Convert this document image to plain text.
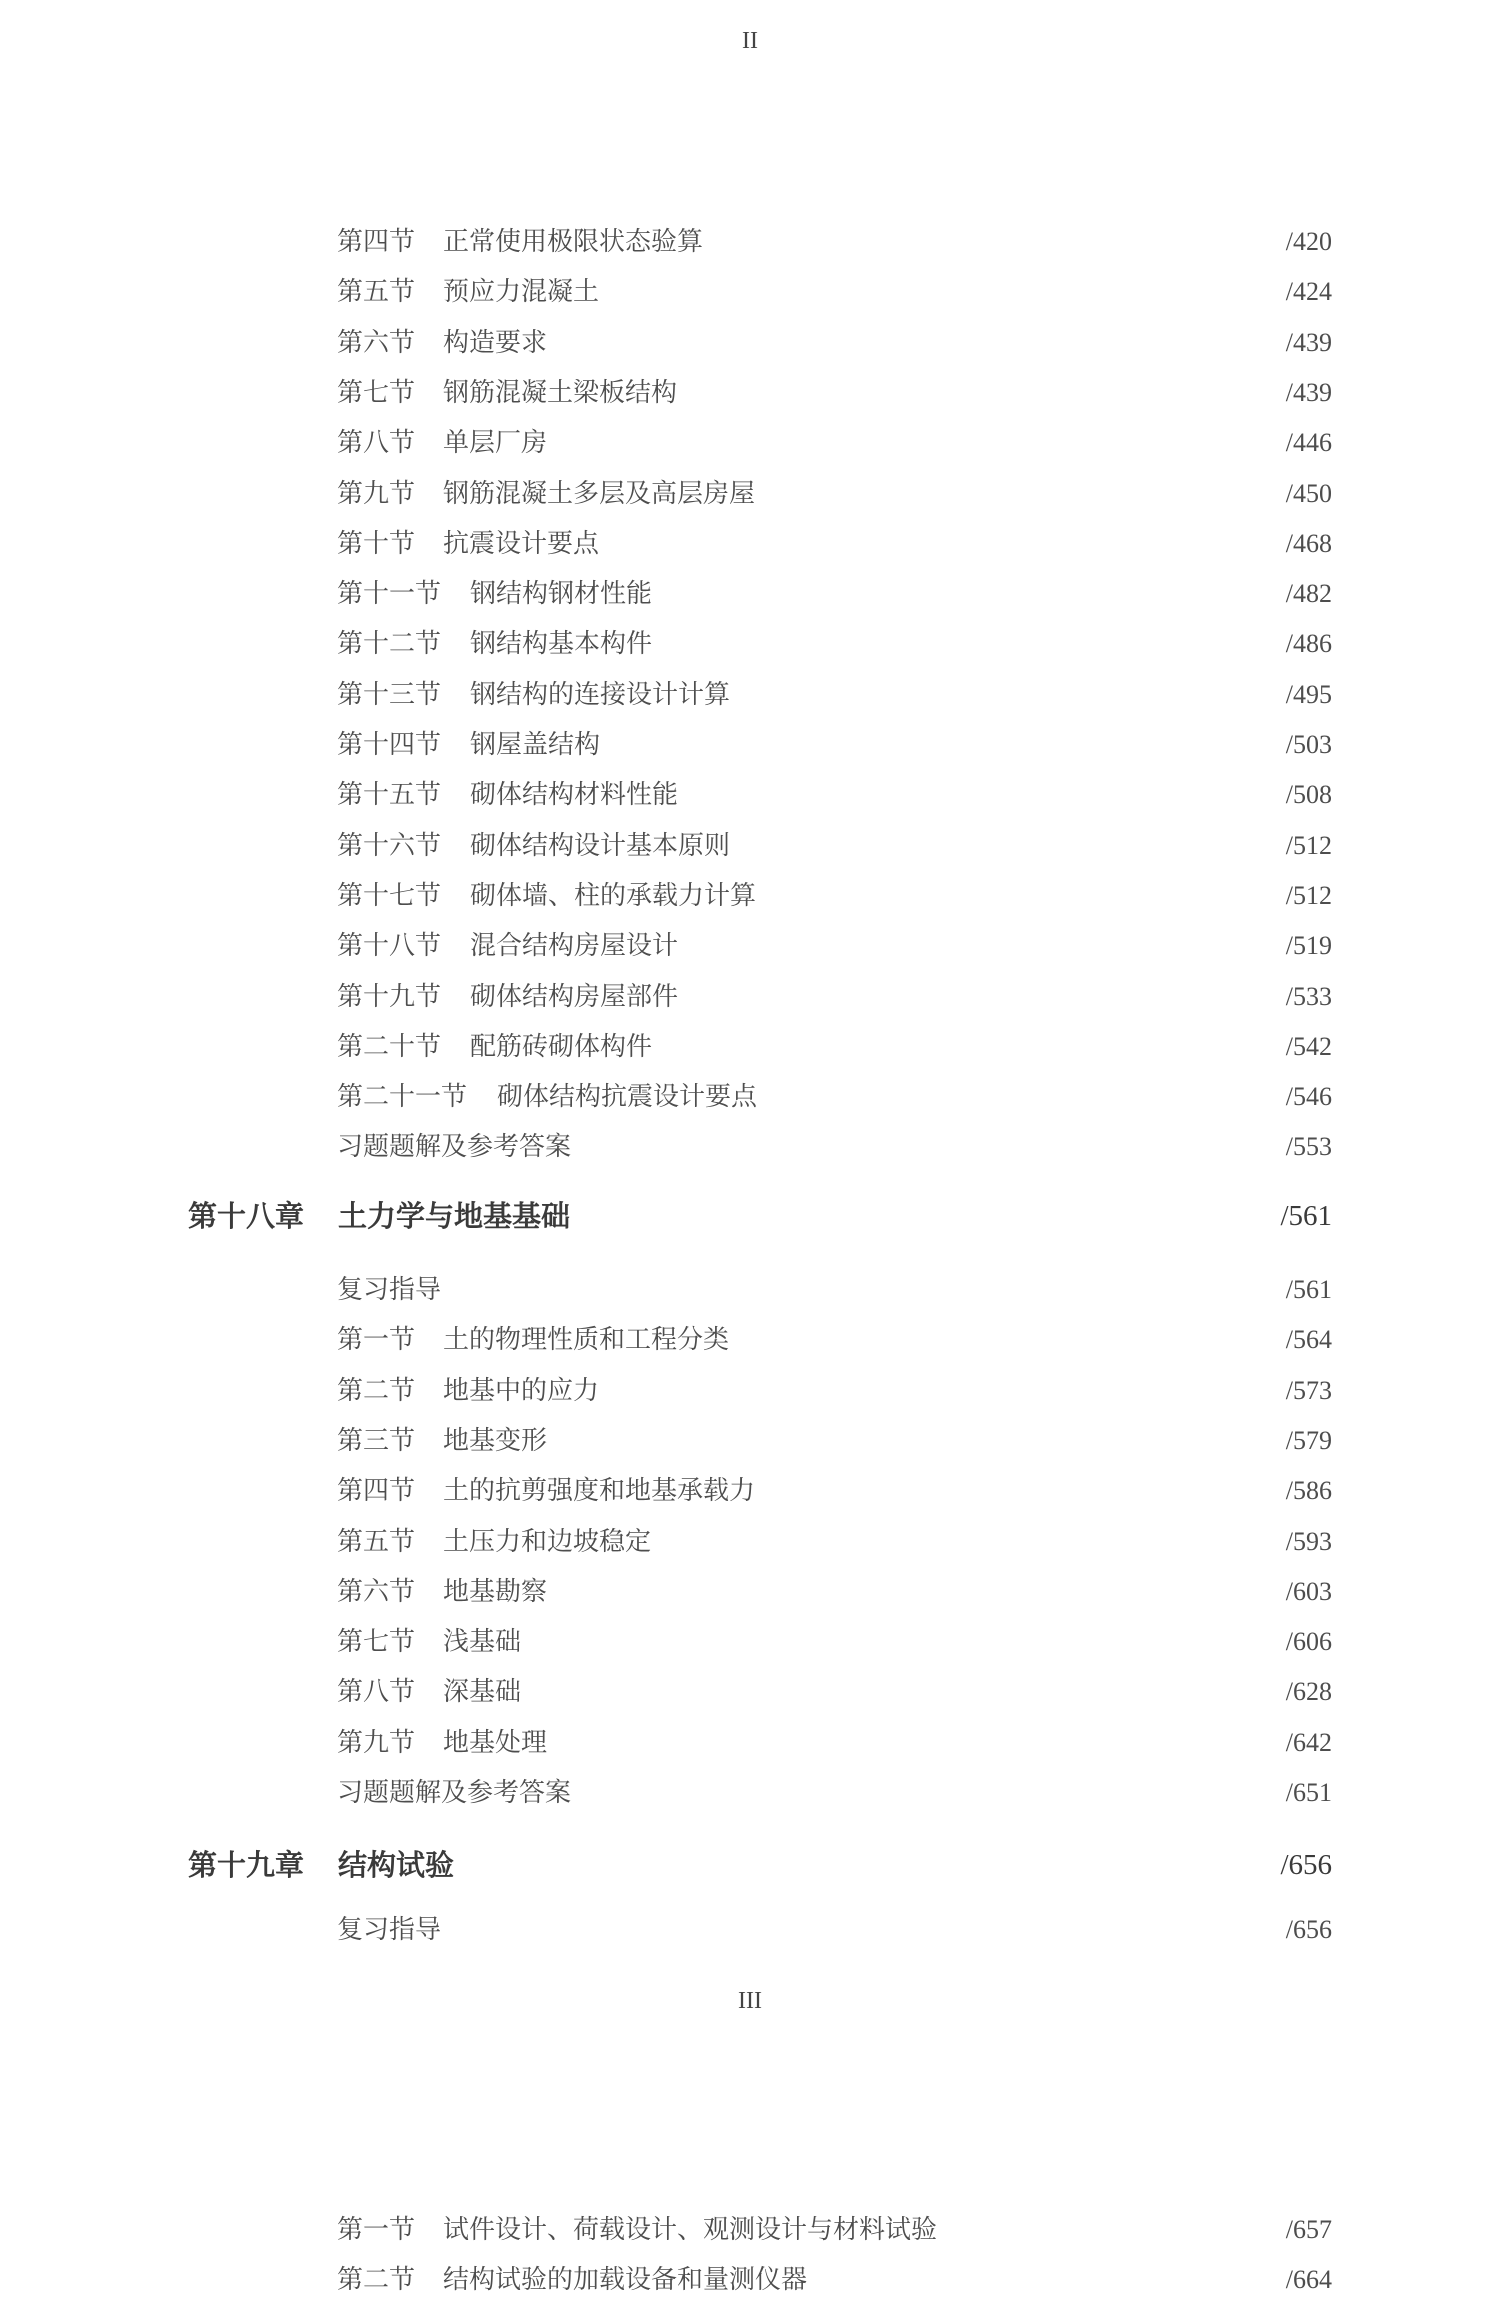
II
第四节 正常使用极限状态验算	/420
第五节 预应力混凝土	/424
第六节 构造要求	/439
第七节 钢筋混凝土梁板结构	/439
第八节 单层厂房	/446
第九节 钢筋混凝土多层及高层房屋	/450
第十节 抗震设计要点	/468
第十一节 钢结构钢材性能	/482
第十二节 钢结构基本构件	/486
第十三节 钢结构的连接设计计算	/495
第十四节 钢屋盖结构	/503
第十五节 砌体结构材料性能	/508
第十六节 砌体结构设计基本原则	/512
第十七节 砌体墙、柱的承载力计算	/512
第十八节 混合结构房屋设计	/519
第十九节 砌体结构房屋部件	/533
第二十节 配筋砖砌体构件	/542
第二十一节 砌体结构抗震设计要点	/546
习题题解及参考答案	/553
第十八章 土力学与地基基础	/561
复习指导	/561
第一节 土的物理性质和工程分类	/564
第二节 地基中的应力	/573
第三节 地基变形	/579
第四节 土的抗剪强度和地基承载力	/586
第五节 土压力和边坡稳定	/593
第六节 地基勘察	/603
第七节 浅基础	/606
第八节 深基础	/628
第九节 地基处理	/642
习题题解及参考答案	/651
第十九章 结构试验	/656
复习指导	/656
III
第一节 试件设计、荷载设计、观测设计与材料试验	/657
第二节 结构试验的加载设备和量测仪器	/664
